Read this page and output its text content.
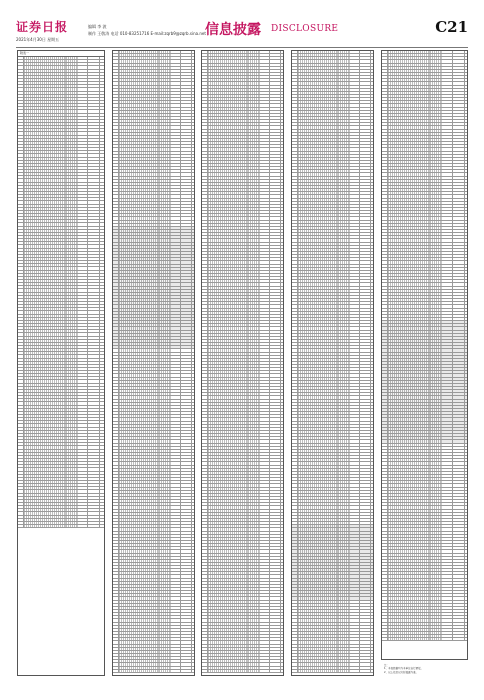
证券日报
2021年4月30日 星期五
编辑 李 波
制作 王敬涛 电话 010-83251716 E-mail:zqrb9@zqrb.sina.net 信息披露 DISCLOSURE	C21
附表一
注：
1、本表数据均为本单位自行填报。
2、以上信息以实际披露为准。
